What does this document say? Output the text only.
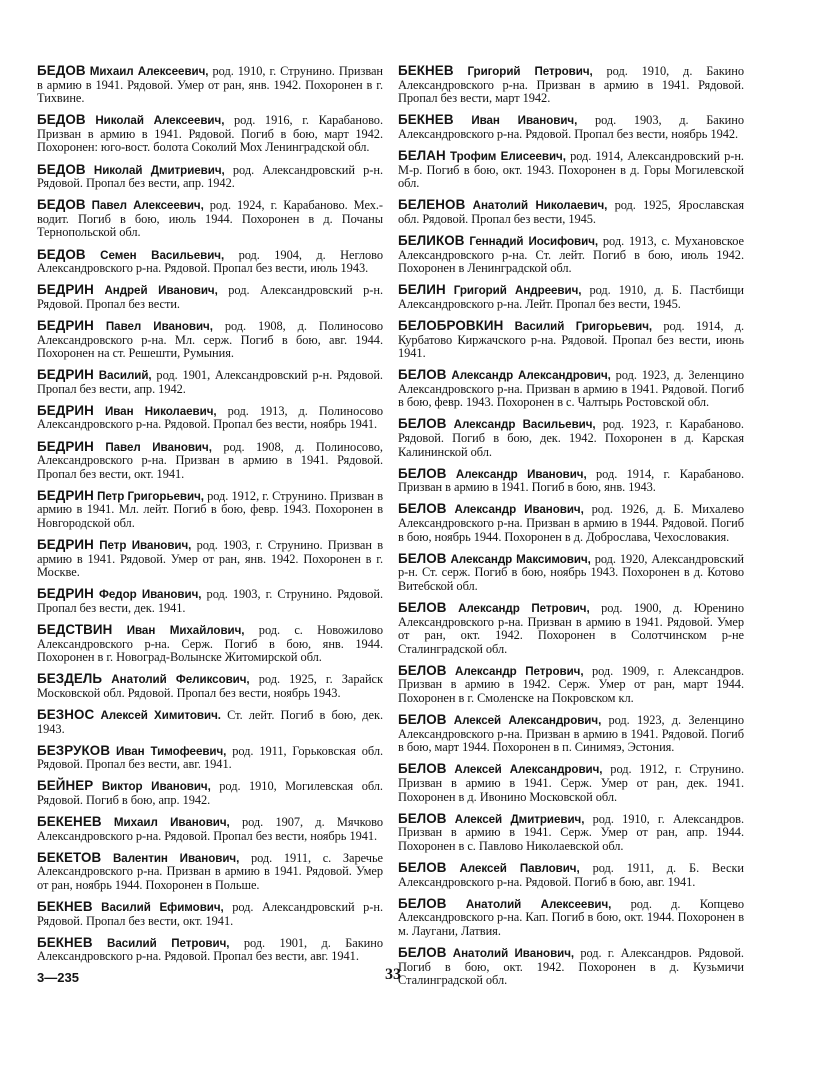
БЕДОВ Михаил Алексеевич, род. 1910, г. Струнино. Призван в армию в 1941. Рядовой. Умер от ран, янв. 1942. Похоронен в г. Тихвине.

БЕДОВ Николай Алексеевич, род. 1916, г. Карабаново. Призван в армию в 1941. Рядовой. Погиб в бою, март 1942. Похоронен: юго-вост. болота Соколий Мох Ленинградской обл.

БЕДОВ Николай Дмитриевич, род. Александровский р-н. Рядовой. Пропал без вести, апр. 1942.

БЕДОВ Павел Алексеевич, род. 1924, г. Карабаново. Мех.-водит. Погиб в бою, июль 1944. Похоронен в д. Почаны Тернопольской обл.

БЕДОВ Семен Васильевич, род. 1904, д. Неглово Александровского р-на. Рядовой. Пропал без вести, июль 1943.

БЕДРИН Андрей Иванович, род. Александровский р-н. Рядовой. Пропал без вести.

БЕДРИН Павел Иванович, род. 1908, д. Полиносово Александровского р-на. Мл. серж. Погиб в бою, авг. 1944. Похоронен на ст. Решешти, Румыния.

БЕДРИН Василий, род. 1901, Александровский р-н. Рядовой. Пропал без вести, апр. 1942.

БЕДРИН Иван Николаевич, род. 1913, д. Полиносово Александровского р-на. Рядовой. Пропал без вести, ноябрь 1941.

БЕДРИН Павел Иванович, род. 1908, д. Полиносово, Александровского р-на. Призван в армию в 1941. Рядовой. Пропал без вести, окт. 1941.

БЕДРИН Петр Григорьевич, род. 1912, г. Струнино. Призван в армию в 1941. Мл. лейт. Погиб в бою, февр. 1943. Похоронен в Новгородской обл.

БЕДРИН Петр Иванович, род. 1903, г. Струнино. Призван в армию в 1941. Рядовой. Умер от ран, янв. 1942. Похоронен в г. Москве.

БЕДРИН Федор Иванович, род. 1903, г. Струнино. Рядовой. Пропал без вести, дек. 1941.

БЕДСТВИН Иван Михайлович, род. с. Новожилово Александровского р-на. Серж. Погиб в бою, янв. 1944. Похоронен в г. Новоград-Волынске Житомирской обл.

БЕЗДЕЛЬ Анатолий Феликсович, род. 1925, г. Зарайск Московской обл. Рядовой. Пропал без вести, ноябрь 1943.

БЕЗНОС Алексей Химитович. Ст. лейт. Погиб в бою, дек. 1943.

БЕЗРУКОВ Иван Тимофеевич, род. 1911, Горьковская обл. Рядовой. Пропал без вести, авг. 1941.

БЕЙНЕР Виктор Иванович, род. 1910, Могилевская обл. Рядовой. Погиб в бою, апр. 1942.

БЕКЕНЕВ Михаил Иванович, род. 1907, д. Мячково Александровского р-на. Рядовой. Пропал без вести, ноябрь 1941.

БЕКЕТОВ Валентин Иванович, род. 1911, с. Заречье Александровского р-на. Призван в армию в 1941. Рядовой. Умер от ран, ноябрь 1944. Похоронен в Польше.

БЕКНЕВ Василий Ефимович, род. Александровский р-н. Рядовой. Пропал без вести, окт. 1941.

БЕКНЕВ Василий Петрович, род. 1901, д. Бакино Александровского р-на. Рядовой. Пропал без вести, авг. 1941.

БЕКНЕВ Григорий Петрович, род. 1910, д. Бакино Александровского р-на. Призван в армию в 1941. Рядовой. Пропал без вести, март 1942.

БЕКНЕВ Иван Иванович, род. 1903, д. Бакино Александровского р-на. Рядовой. Пропал без вести, ноябрь 1942.

БЕЛАН Трофим Елисеевич, род. 1914, Александровский р-н. М-р. Погиб в бою, окт. 1943. Похоронен в д. Горы Могилевской обл.

БЕЛЕНОВ Анатолий Николаевич, род. 1925, Ярославская обл. Рядовой. Пропал без вести, 1945.

БЕЛИКОВ Геннадий Иосифович, род. 1913, с. Мухановское Александровского р-на. Ст. лейт. Погиб в бою, июль 1942. Похоронен в Ленинградской обл.

БЕЛИН Григорий Андреевич, род. 1910, д. Б. Пастбищи Александровского р-на. Лейт. Пропал без вести, 1945.

БЕЛОБРОВКИН Василий Григорьевич, род. 1914, д. Курбатово Киржачского р-на. Рядовой. Пропал без вести, июнь 1941.

БЕЛОВ Александр Александрович, род. 1923, д. Зеленцино Александровского р-на. Призван в армию в 1941. Рядовой. Погиб в бою, февр. 1943. Похоронен в с. Чалтырь Ростовской обл.

БЕЛОВ Александр Васильевич, род. 1923, г. Карабаново. Рядовой. Погиб в бою, дек. 1942. Похоронен в д. Карская Калининской обл.

БЕЛОВ Александр Иванович, род. 1914, г. Карабаново. Призван в армию в 1941. Погиб в бою, янв. 1943.

БЕЛОВ Александр Иванович, род. 1926, д. Б. Михалево Александровского р-на. Призван в армию в 1944. Рядовой. Погиб в бою, ноябрь 1944. Похоронен в д. Доброслава, Чехословакия.

БЕЛОВ Александр Максимович, род. 1920, Александровский р-н. Ст. серж. Погиб в бою, ноябрь 1943. Похоронен в д. Котово Витебской обл.

БЕЛОВ Александр Петрович, род. 1900, д. Юренино Александровского р-на. Призван в армию в 1941. Рядовой. Умер от ран, окт. 1942. Похоронен в Солотчинском р-не Сталинградской обл.

БЕЛОВ Александр Петрович, род. 1909, г. Александров. Призван в армию в 1942. Серж. Умер от ран, март 1944. Похоронен в г. Смоленске на Покровском кл.

БЕЛОВ Алексей Александрович, род. 1923, д. Зеленцино Александровского р-на. Призван в армию в 1941. Рядовой. Погиб в бою, март 1944. Похоронен в п. Синимяэ, Эстония.

БЕЛОВ Алексей Александрович, род. 1912, г. Струнино. Призван в армию в 1941. Серж. Умер от ран, дек. 1941. Похоронен в д. Ивонино Московской обл.

БЕЛОВ Алексей Дмитриевич, род. 1910, г. Александров. Призван в армию в 1941. Серж. Умер от ран, апр. 1944. Похоронен в с. Павлово Николаевской обл.

БЕЛОВ Алексей Павлович, род. 1911, д. Б. Вески Александровского р-на. Рядовой. Погиб в бою, авг. 1941.

БЕЛОВ Анатолий Алексеевич, род. д. Копцево Александровского р-на. Кап. Погиб в бою, окт. 1944. Похоронен в м. Лаугани, Латвия.

БЕЛОВ Анатолий Иванович, род. г. Александров. Рядовой. Погиб в бою, окт. 1942. Похоронен в д. Кузьмичи Сталинградской обл.

3—235	33
